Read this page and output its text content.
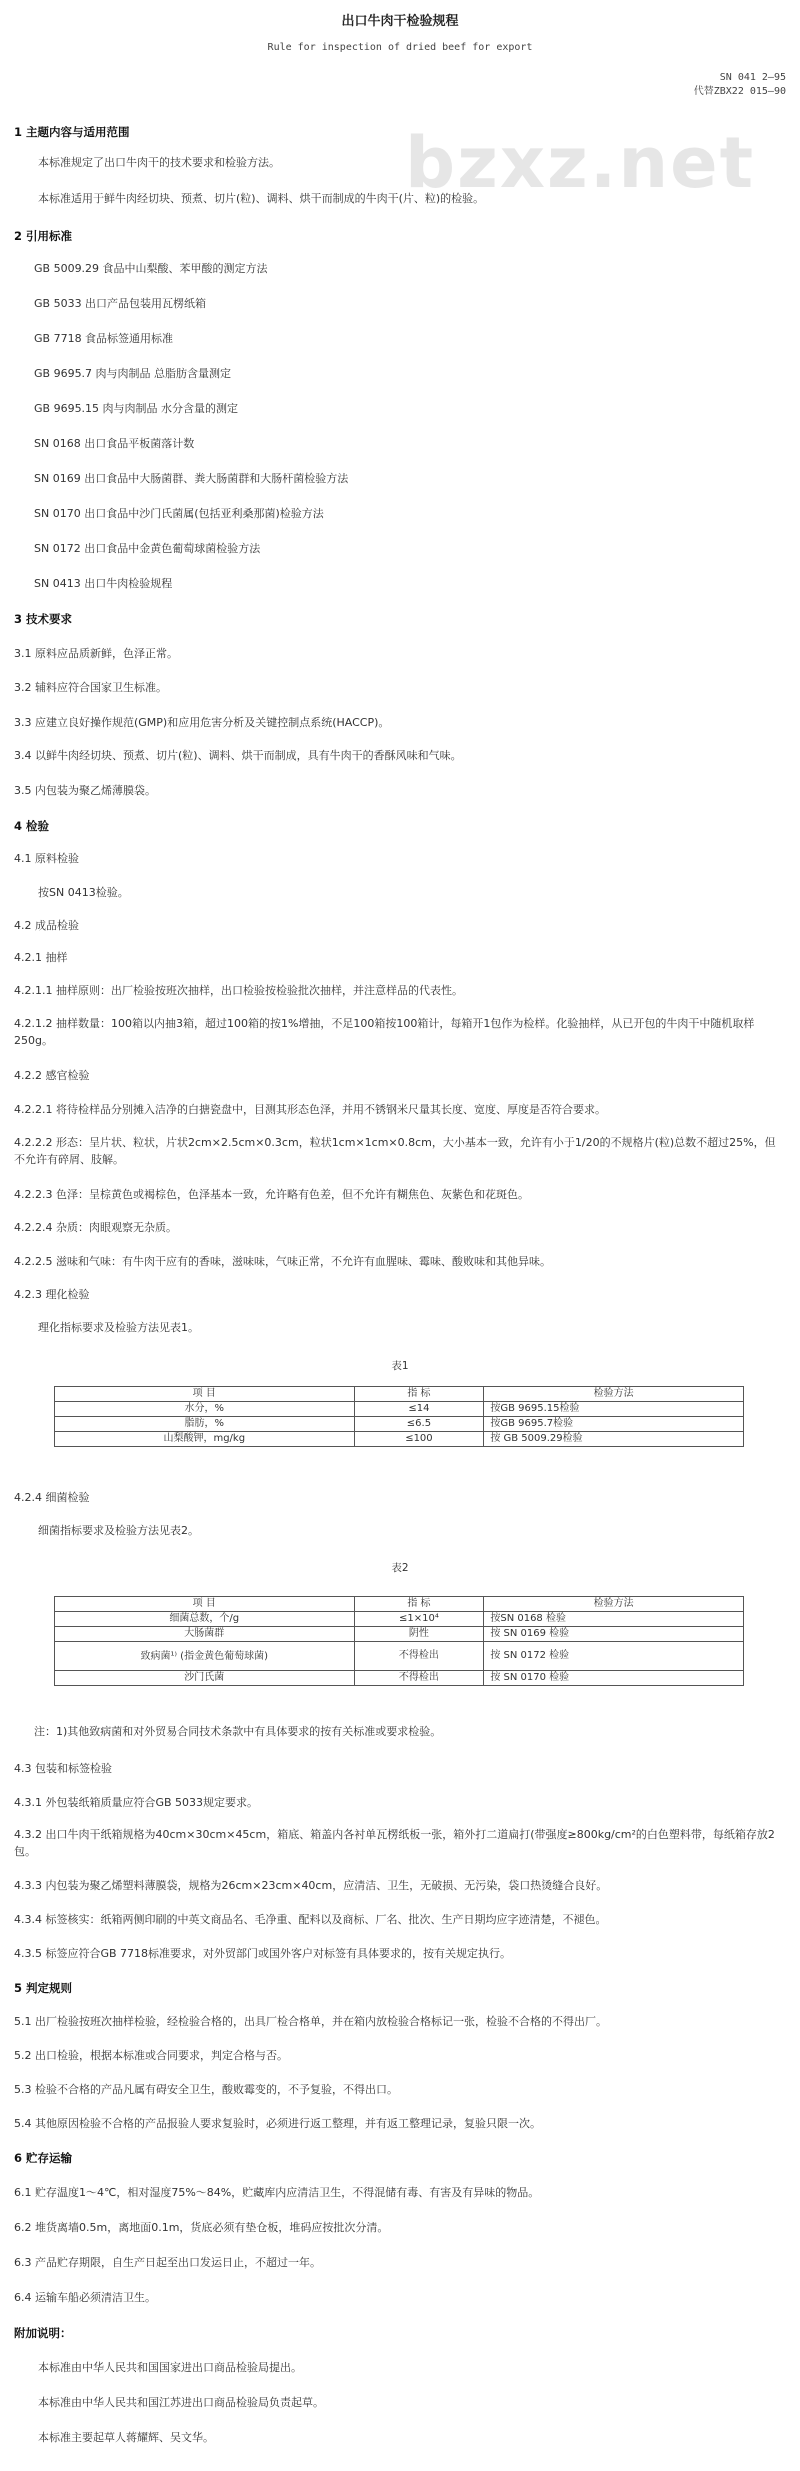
bzxz.net
出口牛肉干检验规程
Rule for inspection of dried beef for export
SN 041 2—95
代替ZBX22 015—90
1 主题内容与适用范围
本标准规定了出口牛肉干的技术要求和检验方法。
本标准适用于鲜牛肉经切块、预煮、切片(粒)、调料、烘干而制成的牛肉干(片、粒)的检验。
2 引用标准
GB 5009.29 食品中山梨酸、苯甲酸的测定方法
GB 5033 出口产品包装用瓦楞纸箱
GB 7718 食品标签通用标准
GB 9695.7 肉与肉制品 总脂肪含量测定
GB 9695.15 肉与肉制品 水分含量的测定
SN 0168 出口食品平板菌落计数
SN 0169 出口食品中大肠菌群、粪大肠菌群和大肠杆菌检验方法
SN 0170 出口食品中沙门氏菌属(包括亚利桑那菌)检验方法
SN 0172 出口食品中金黄色葡萄球菌检验方法
SN 0413 出口牛肉检验规程
3 技术要求
3.1 原料应品质新鲜，色泽正常。
3.2 辅料应符合国家卫生标准。
3.3 应建立良好操作规范(GMP)和应用危害分析及关键控制点系统(HACCP)。
3.4 以鲜牛肉经切块、预煮、切片(粒)、调料、烘干而制成，具有牛肉干的香酥风味和气味。
3.5 内包装为聚乙烯薄膜袋。
4 检验
4.1 原料检验
按SN 0413检验。
4.2 成品检验
4.2.1 抽样
4.2.1.1 抽样原则：出厂检验按班次抽样，出口检验按检验批次抽样，并注意样品的代表性。
4.2.1.2 抽样数量：100箱以内抽3箱，超过100箱的按1%增抽，不足100箱按100箱计，每箱开1包作为检样。化验抽样，从已开包的牛肉干中随机取样250g。
4.2.2 感官检验
4.2.2.1 将待检样品分别摊入洁净的白搪瓷盘中，目测其形态色泽，并用不锈钢米尺量其长度、宽度、厚度是否符合要求。
4.2.2.2 形态：呈片状、粒状，片状2cm×2.5cm×0.3cm，粒状1cm×1cm×0.8cm，大小基本一致，允许有小于1/20的不规格片(粒)总数不超过25%，但不允许有碎屑、肢解。
4.2.2.3 色泽：呈棕黄色或褐棕色，色泽基本一致，允许略有色差，但不允许有糊焦色、灰紫色和花斑色。
4.2.2.4 杂质：肉眼观察无杂质。
4.2.2.5 滋味和气味：有牛肉干应有的香味，滋味味，气味正常，不允许有血腥味、霉味、酸败味和其他异味。
4.2.3 理化检验
理化指标要求及检验方法见表1。
表1
项 目	指 标	检验方法
水分，%	≤14	按GB 9695.15检验
脂肪，%	≤6.5	按GB 9695.7检验
山梨酸钾，mg/kg	≤100	按 GB 5009.29检验
4.2.4 细菌检验
细菌指标要求及检验方法见表2。
表2
项 目	指 标	检验方法
细菌总数，个/g	≤1×10⁴	按SN 0168 检验
大肠菌群	阴性	按 SN 0169 检验
致病菌¹⁾ (指金黄色葡萄球菌)	不得检出	按 SN 0172 检验
沙门氏菌	不得检出	按 SN 0170 检验
注：1)其他致病菌和对外贸易合同技术条款中有具体要求的按有关标准或要求检验。
4.3 包装和标签检验
4.3.1 外包装纸箱质量应符合GB 5033规定要求。
4.3.2 出口牛肉干纸箱规格为40cm×30cm×45cm，箱底、箱盖内各衬单瓦楞纸板一张，箱外打二道扁打(带强度≥800kg/cm²的白色塑料带，每纸箱存放2包。
4.3.3 内包装为聚乙烯塑料薄膜袋，规格为26cm×23cm×40cm，应清洁、卫生，无破损、无污染，袋口热烫缝合良好。
4.3.4 标签核实：纸箱两侧印刷的中英文商品名、毛净重、配料以及商标、厂名、批次、生产日期均应字迹清楚，不褪色。
4.3.5 标签应符合GB 7718标准要求，对外贸部门或国外客户对标签有具体要求的，按有关规定执行。
5 判定规则
5.1 出厂检验按班次抽样检验，经检验合格的，出具厂检合格单，并在箱内放检验合格标记一张，检验不合格的不得出厂。
5.2 出口检验，根据本标准或合同要求，判定合格与否。
5.3 检验不合格的产品凡属有碍安全卫生，酸败霉变的，不予复验，不得出口。
5.4 其他原因检验不合格的产品报验人要求复验时，必须进行返工整理，并有返工整理记录，复验只限一次。
6 贮存运输
6.1 贮存温度1～4℃，相对湿度75%～84%，贮藏库内应清洁卫生，不得混储有毒、有害及有异味的物品。
6.2 堆货离墙0.5m，离地面0.1m，货底必须有垫仓板，堆码应按批次分清。
6.3 产品贮存期限，自生产日起至出口发运日止，不超过一年。
6.4 运输车船必须清洁卫生。
附加说明：
本标准由中华人民共和国国家进出口商品检验局提出。
本标准由中华人民共和国江苏进出口商品检验局负责起草。
本标准主要起草人蒋耀辉、吴文华。
